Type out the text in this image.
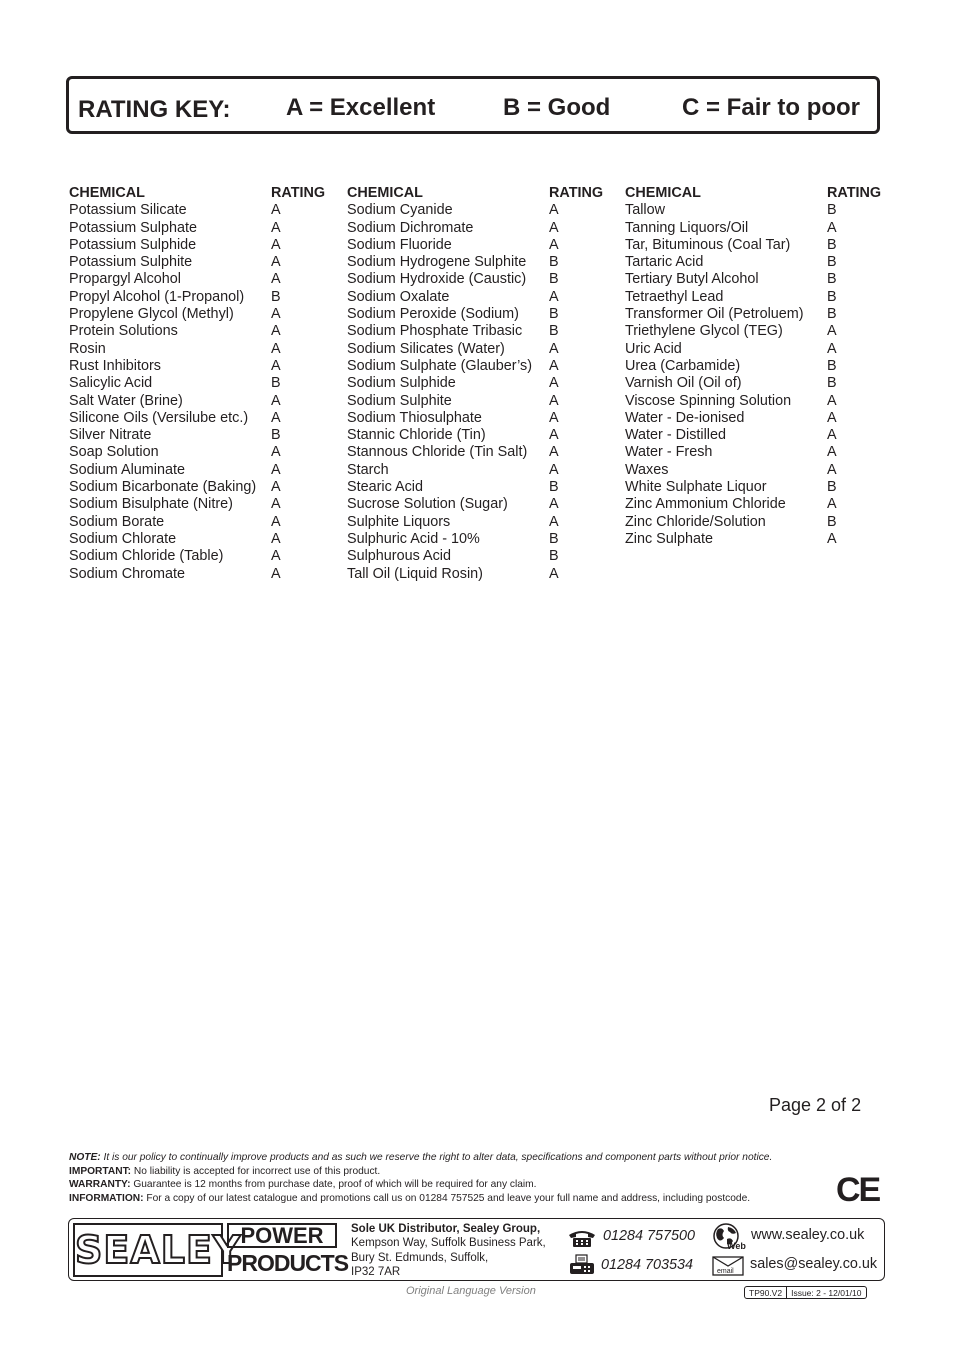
RATING KEY: A = Excellent	B = Good	C = Fair to poor
CHEMICAL	RATING
Potassium Silicate	A
Potassium Sulphate	A
Potassium Sulphide	A
Potassium Sulphite	A
Propargyl Alcohol	A
Propyl Alcohol (1-Propanol) B
Propylene Glycol (Methyl)	A
Protein Solutions	A
Rosin	A
Rust Inhibitors	A
Salicylic Acid	B
Salt Water (Brine)	A
Silicone Oils (Versilube etc.) A
Silver Nitrate	B
Soap Solution	A
Sodium Aluminate	A
Sodium Bicarbonate (Baking) A
Sodium Bisulphate (Nitre)	A
Sodium Borate	A
Sodium Chlorate	A
Sodium Chloride (Table)	A
Sodium Chromate	A
CHEMICAL	RATING
Sodium Cyanide	A
Sodium Dichromate	A
Sodium Fluoride	A
Sodium Hydrogene Sulphite B
Sodium Hydroxide (Caustic) B
Sodium Oxalate	A
Sodium Peroxide (Sodium) B
Sodium Phosphate Tribasic B
Sodium Silicates (Water)	A
Sodium Sulphate (Glauber’s) A
Sodium Sulphide	A
Sodium Sulphite	A
Sodium Thiosulphate	A
Stannic Chloride (Tin)	A
Stannous Chloride (Tin Salt) A
Starch	A
Stearic Acid	B
Sucrose Solution (Sugar)	A
Sulphite Liquors	A
Sulphuric Acid - 10%	B
Sulphurous Acid	B
Tall Oil (Liquid Rosin)	A
CHEMICAL	RATING
Tallow	B
Tanning Liquors/Oil	A
Tar, Bituminous (Coal Tar)	B
Tartaric Acid	B
Tertiary Butyl Alcohol	B
Tetraethyl Lead	B
Transformer Oil (Petroluem) B
Triethylene Glycol (TEG)	A
Uric Acid	A
Urea (Carbamide)	B
Varnish Oil (Oil of)	B
Viscose Spinning Solution A
Water - De-ionised	A
Water - Distilled	A
Water - Fresh	A
Waxes	A
White Sulphate Liquor	B
Zinc Ammonium Chloride	A
Zinc Chloride/Solution	B
Zinc Sulphate	A
Page 2 of 2
NOTE: It is our policy to continually improve products and as such we reserve the right to alter data, specifications and component parts without prior notice.
IMPORTANT: No liability is accepted for incorrect use of this product.
WARRANTY: Guarantee is 12 months from purchase date, proof of which will be required for any claim.
INFORMATION: For a copy of our latest catalogue and promotions call us on 01284 757525 and leave your full name and address, including postcode.	CE
SEALEY POWER
PRODUCTS
Sole UK Distributor, Sealey Group,
Kempson Way, Suffolk Business Park,
Bury St. Edmunds, Suffolk,
IP32 7AR
Web
email
01284 757500
01284 703534
www.sealey.co.uk
sales@sealey.co.uk
Original Language Version	TP90.V2	Issue: 2 - 12/01/10
